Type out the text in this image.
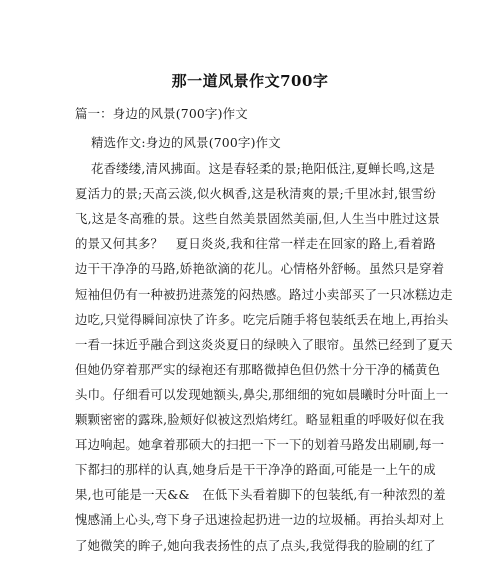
那一道风景作文700字
篇一：身边的风景(700字)作文
精选作文:身边的风景(700字)作文
花香缕缕,清风拂面。这是春轻柔的景;艳阳低注,夏蝉长鸣,这是
夏活力的景;天高云淡,似火枫香,这是秋清爽的景;千里冰封,银雪纷
飞,这是冬高雅的景。这些自然美景固然美丽,但,人生当中胜过这景
的景又何其多？　夏日炎炎,我和往常一样走在回家的路上,看着路
边干干净净的马路,娇艳欲滴的花儿。心情格外舒畅。虽然只是穿着
短袖但仍有一种被扔进蒸笼的闷热感。路过小卖部买了一只冰糕边走
边吃,只觉得瞬间凉快了许多。吃完后随手将包装纸丢在地上,再抬头
一看一抹近乎融合到这炎炎夏日的绿映入了眼帘。虽然已经到了夏天
但她仍穿着那严实的绿袍还有那略微掉色但仍然十分干净的橘黄色
头巾。仔细看可以发现她额头,鼻尖,那细细的宛如晨曦时分叶面上一
颗颗密密的露珠,脸颊好似被这烈焰烤红。略显粗重的呼吸好似在我
耳边响起。她拿着那硕大的扫把一下一下的划着马路发出刷刷,每一
下都扫的那样的认真,她身后是干干净净的路面,可能是一上午的成
果,也可能是一天&&　在低下头看着脚下的包装纸,有一种浓烈的羞
愧感涌上心头,弯下身子迅速捡起扔进一边的垃圾桶。再抬头却对上
了她微笑的眸子,她向我表扬性的点了点头,我觉得我的脸刷的红了
